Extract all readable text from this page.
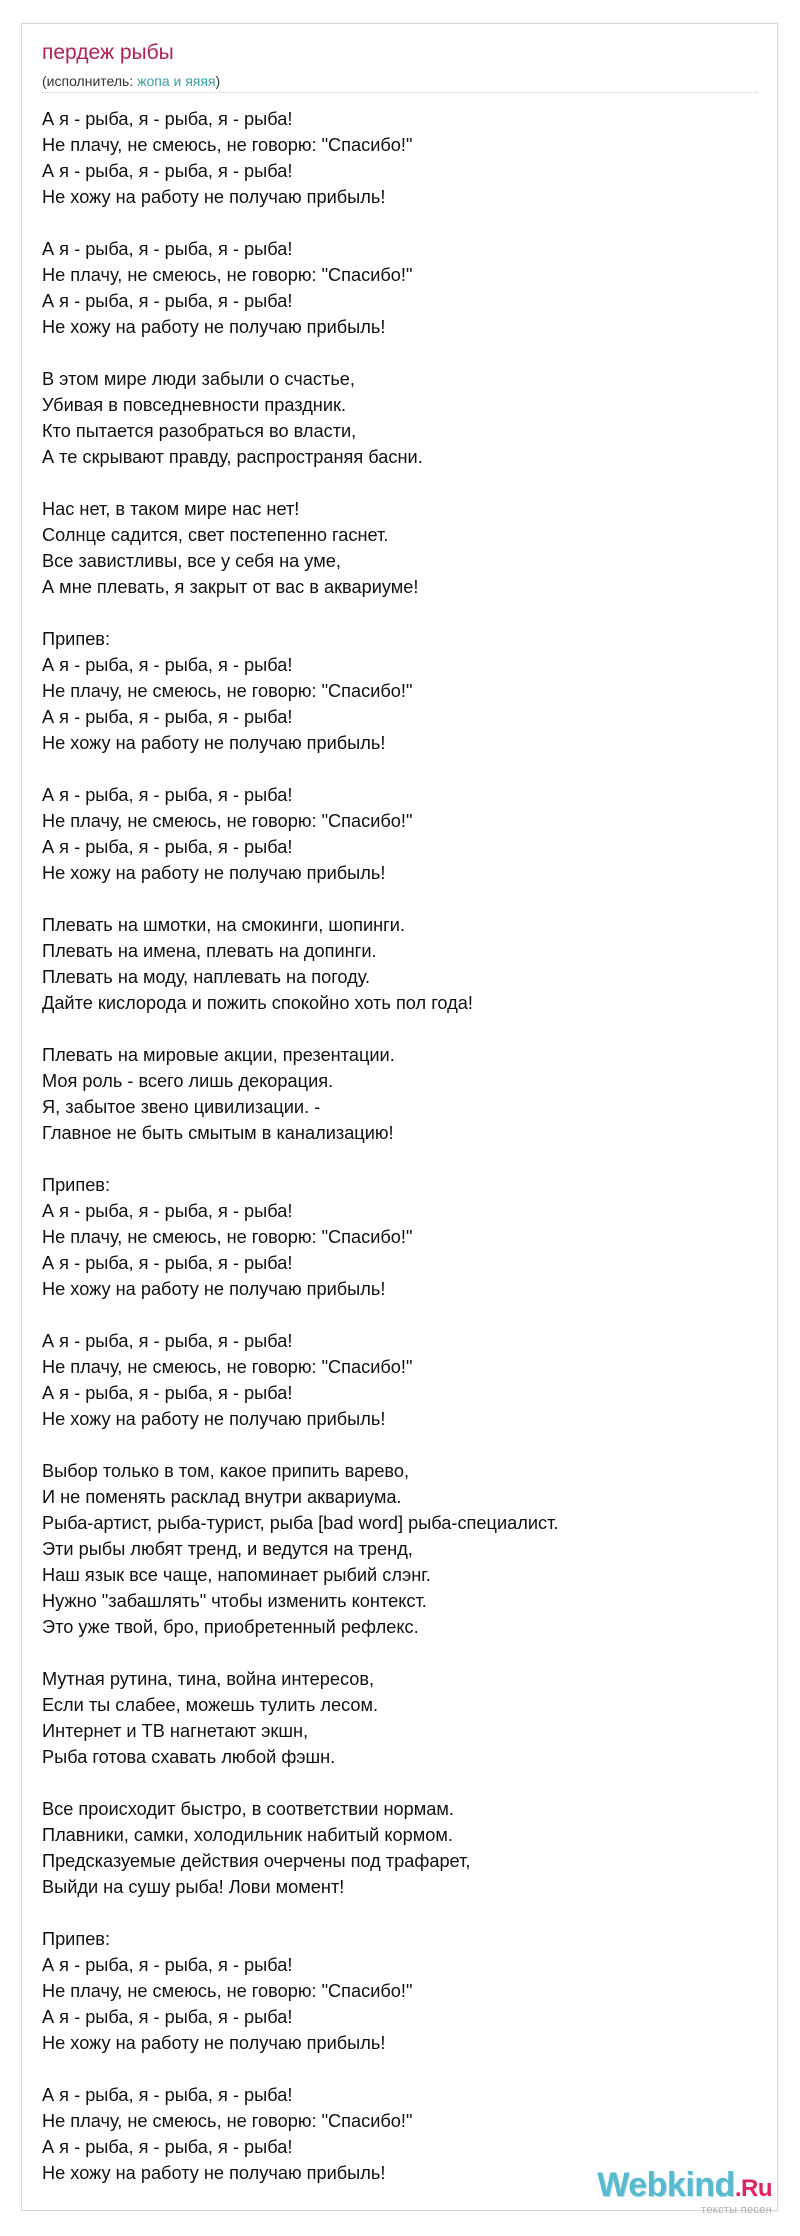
пердеж рыбы
(исполнитель: жопа и яяяя)
А я - рыба, я - рыба, я - рыба!
Не плачу, не смеюсь, не говорю: "Спасибо!"
А я - рыба, я - рыба, я - рыба!
Не хожу на работу не получаю прибыль!

А я - рыба, я - рыба, я - рыба!
Не плачу, не смеюсь, не говорю: "Спасибо!"
А я - рыба, я - рыба, я - рыба!
Не хожу на работу не получаю прибыль!

В этом мире люди забыли о счастье,
Убивая в повседневности праздник.
Кто пытается разобраться во власти,
А те скрывают правду, распространяя басни.

Нас нет, в таком мире нас нет!
Солнце садится, свет постепенно гаснет.
Все завистливы, все у себя на уме,
А мне плевать, я закрыт от вас в аквариуме!

Припев:
А я - рыба, я - рыба, я - рыба!
Не плачу, не смеюсь, не говорю: "Спасибо!"
А я - рыба, я - рыба, я - рыба!
Не хожу на работу не получаю прибыль!

А я - рыба, я - рыба, я - рыба!
Не плачу, не смеюсь, не говорю: "Спасибо!"
А я - рыба, я - рыба, я - рыба!
Не хожу на работу не получаю прибыль!

Плевать на шмотки, на смокинги, шопинги.
Плевать на имена, плевать на допинги.
Плевать на моду, наплевать на погоду.
Дайте кислорода и пожить спокойно хоть пол года!

Плевать на мировые акции, презентации.
Моя роль - всего лишь декорация.
Я, забытое звено цивилизации. -
Главное не быть смытым в канализацию!

Припев:
А я - рыба, я - рыба, я - рыба!
Не плачу, не смеюсь, не говорю: "Спасибо!"
А я - рыба, я - рыба, я - рыба!
Не хожу на работу не получаю прибыль!

А я - рыба, я - рыба, я - рыба!
Не плачу, не смеюсь, не говорю: "Спасибо!"
А я - рыба, я - рыба, я - рыба!
Не хожу на работу не получаю прибыль!

Выбор только в том, какое припить варево,
И не поменять расклад внутри аквариума.
Рыба-артист, рыба-турист, рыба [bad word] рыба-специалист.
Эти рыбы любят тренд, и ведутся на тренд,
Наш язык все чаще, напоминает рыбий слэнг.
Нужно "забашлять" чтобы изменить контекст.
Это уже твой, бро, приобретенный рефлекс.

Мутная рутина, тина, война интересов,
Если ты слабее, можешь тулить лесом.
Интернет и ТВ нагнетают экшн,
Рыба готова схавать любой фэшн.

Все происходит быстро, в соответствии нормам.
Плавники, самки, холодильник набитый кормом.
Предсказуемые действия очерчены под трафарет,
Выйди на сушу рыба! Лови момент!

Припев:
А я - рыба, я - рыба, я - рыба!
Не плачу, не смеюсь, не говорю: "Спасибо!"
А я - рыба, я - рыба, я - рыба!
Не хожу на работу не получаю прибыль!

А я - рыба, я - рыба, я - рыба!
Не плачу, не смеюсь, не говорю: "Спасибо!"
А я - рыба, я - рыба, я - рыба!
Не хожу на работу не получаю прибыль!	Webkind.Ru
тексты песен
